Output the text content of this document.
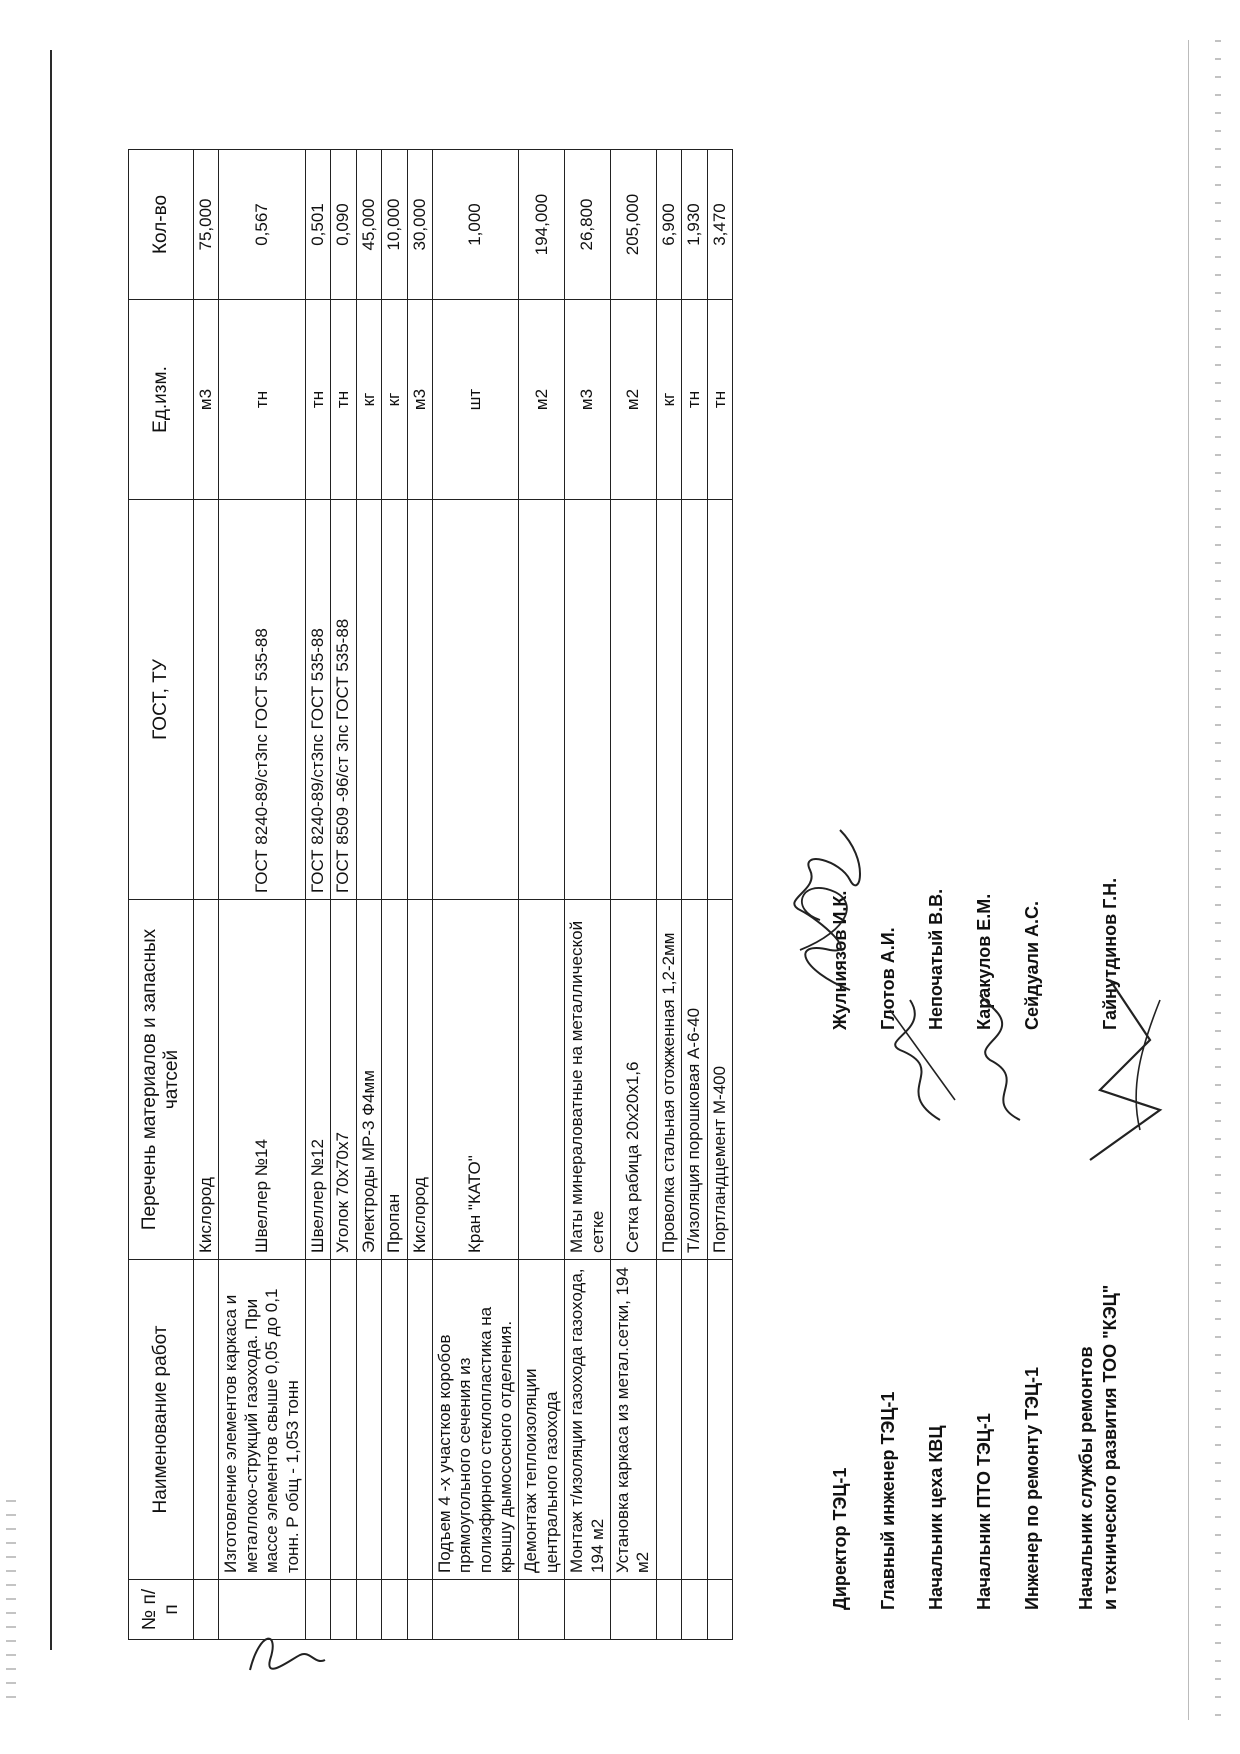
№ п/п	Наименование работ	Перечень материалов и запасных чатсей	ГОСТ, ТУ	Ед.изм.	Кол-во
		Кислород		м3	75,000
	Изготовление элементов каркаса и металлоко-струкций газохода. При массе элементов свыше 0,05 до 0,1 тонн. Р общ - 1,053 тонн	Швеллер №14	ГОСТ 8240-89/ст3пс ГОСТ 535-88	тн	0,567
		Швеллер №12	ГОСТ 8240-89/ст3пс ГОСТ 535-88	тн	0,501
		Уголок 70х70х7	ГОСТ 8509 -96/ст 3пс ГОСТ 535-88	тн	0,090
		Электроды МР-3 Ф4мм		кг	45,000
		Пропан		кг	10,000
		Кислород		м3	30,000
	Подъем 4 -х участков коробов прямоугольного сечения из полиэфирного стеклопластика на крышу дымососного отделения.	Кран "КАТО"		шт	1,000
	Демонтаж теплоизоляции центрального газохода			м2	194,000
	Монтаж т/изоляции газохода газохода, 194 м2	Маты минераловатные на металлической сетке		м3	26,800
	Установка каркаса из метал.сетки, 194 м2	Сетка рабица 20х20х1,6		м2	205,000
		Проволка стальная отожженная 1,2-2мм		кг	6,900
		Т/изоляция порошковая А-6-40		тн	1,930
		Портландцемент М-400		тн	3,470
Директор ТЭЦ-1
Жулниязов И.К.
Главный инженер ТЭЦ-1
Глотов А.И.
Начальник цеха КВЦ
Непочатый В.В.
Начальник ПТО ТЭЦ-1
Каракулов Е.М.
Инженер по ремонту ТЭЦ-1
Сейдуали А.С.
Начальник службы ремонтов и технического развития ТОО "КЭЦ"
Гайнутдинов Г.Н.
